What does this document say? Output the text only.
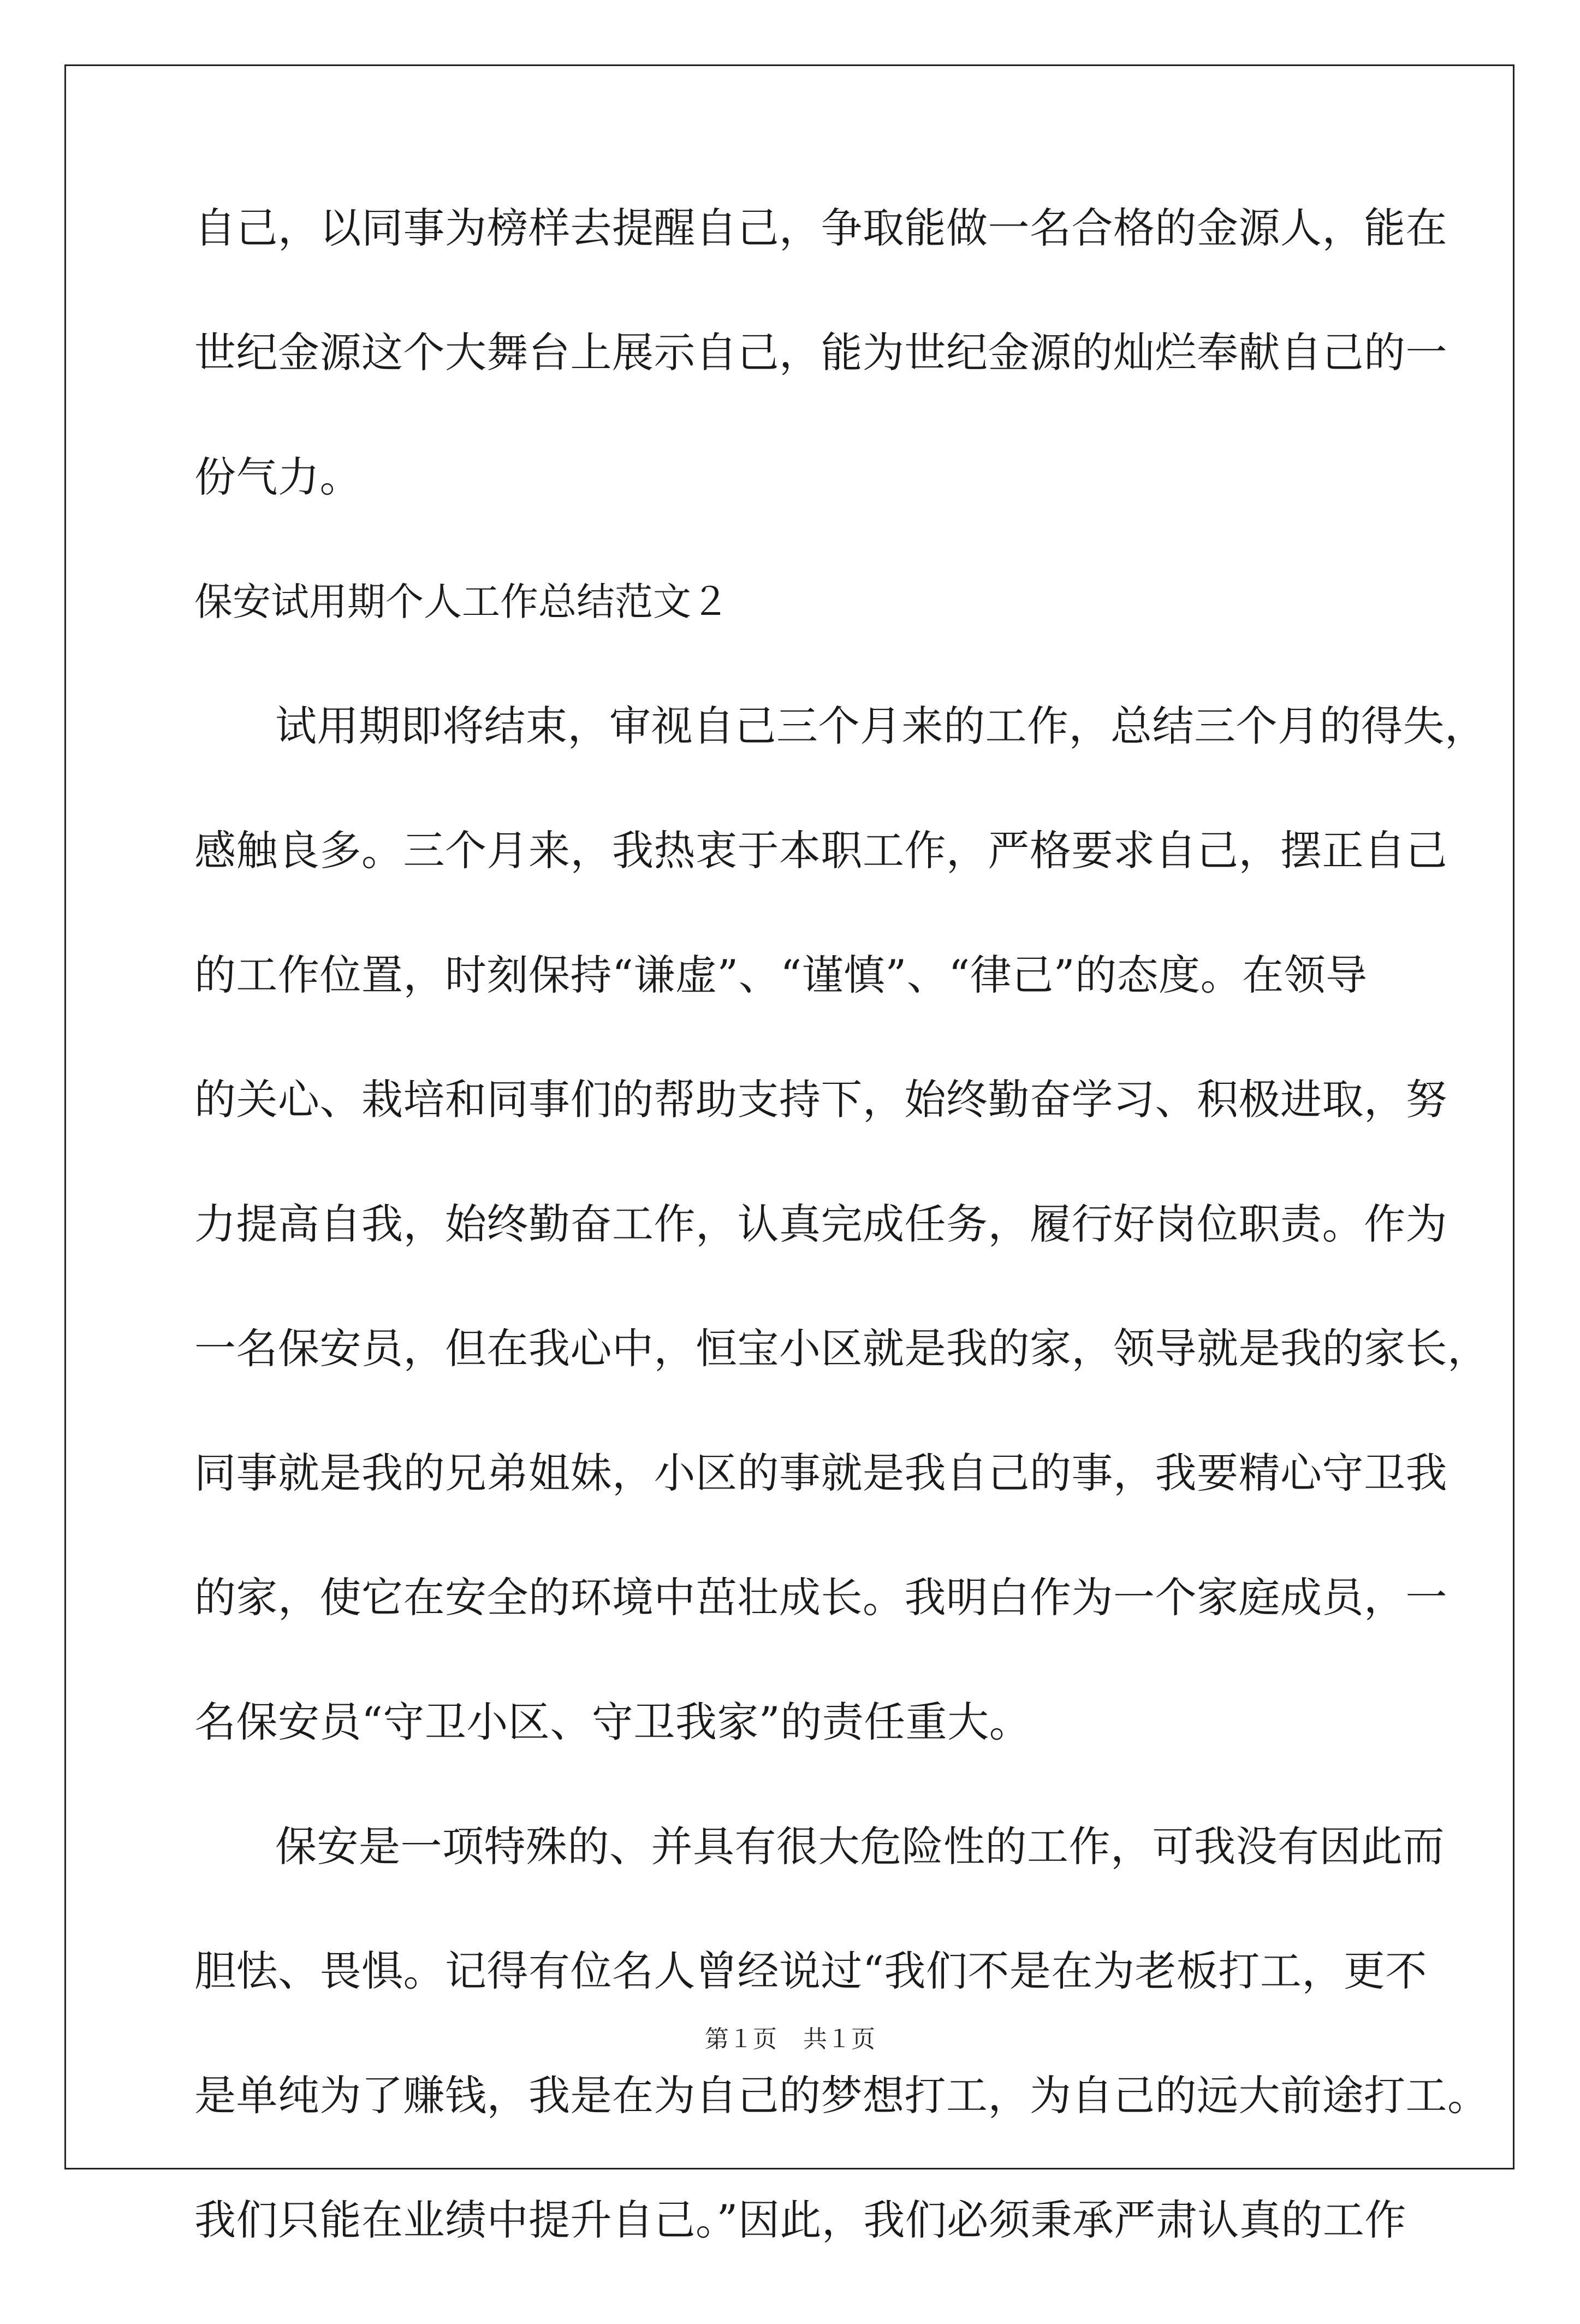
自己，以同事为榜样去提醒自己，争取能做一名合格的金源人，能在
世纪金源这个大舞台上展示自己，能为世纪金源的灿烂奉献自己的一
份气力。
保安试用期个人工作总结范文２
试用期即将结束，审视自己三个月来的工作，总结三个月的得失，
感触良多。三个月来，我热衷于本职工作，严格要求自己，摆正自己
的工作位置，时刻保持“谦虚”、“谨慎”、“律己”的态度。在领导
的关心、栽培和同事们的帮助支持下，始终勤奋学习、积极进取，努
力提高自我，始终勤奋工作，认真完成任务，履行好岗位职责。作为
一名保安员，但在我心中，恒宝小区就是我的家，领导就是我的家长，
同事就是我的兄弟姐妹，小区的事就是我自己的事，我要精心守卫我
的家，使它在安全的环境中茁壮成长。我明白作为一个家庭成员，一
名保安员“守卫小区、守卫我家”的责任重大。
保安是一项特殊的、并具有很大危险性的工作，可我没有因此而
胆怯、畏惧。记得有位名人曾经说过“我们不是在为老板打工，更不
是单纯为了赚钱，我是在为自己的梦想打工，为自己的远大前途打工。
我们只能在业绩中提升自己。”因此，我们必须秉承严肃认真的工作
第１页 共１页
